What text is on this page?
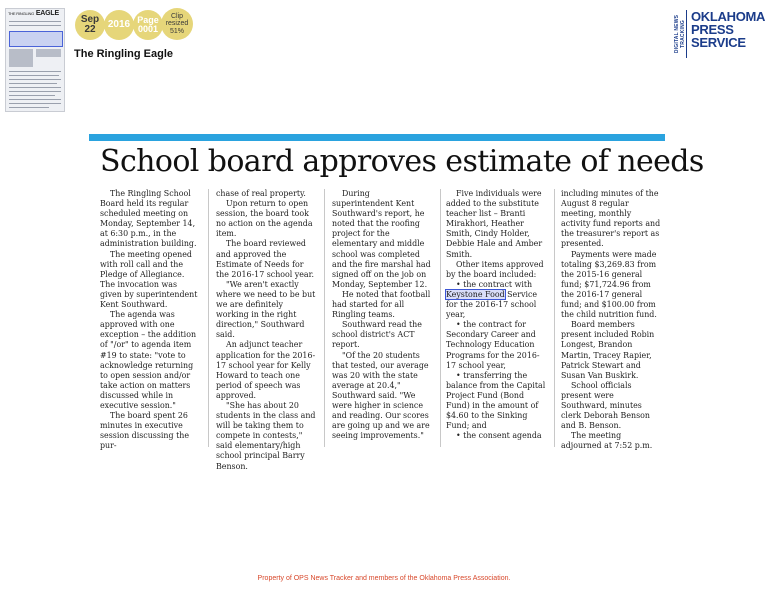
THE RINGLING EAGLE Sep
22 2016 Page
0001
Clip
resized
51%
The Ringling Eagle
DIGITAL NEWS TRACKING
OKLAHOMA
PRESS
SERVICE
School board approves estimate of needs

The Ringling School Board held its regular scheduled meeting on Monday, September 14, at 6:30 p.m., in the administration building.

The meeting opened with roll call and the Pledge of Allegiance. The invocation was given by superintendent Kent Southward.

The agenda was approved with one exception – the addition of "/or" to agenda item #19 to state: "vote to acknowledge returning to open session and/or take action on matters discussed while in executive session."

The board spent 26 minutes in executive session discussing the pur-

chase of real property.

Upon return to open session, the board took no action on the agenda item.

The board reviewed and approved the Estimate of Needs for the 2016-17 school year.

"We aren't exactly where we need to be but we are definitely working in the right direction," Southward said.

An adjunct teacher application for the 2016-17 school year for Kelly Howard to teach one period of speech was approved.

"She has about 20 students in the class and will be taking them to compete in contests," said elementary/high school principal Barry Benson.

During superintendent Kent Southward's report, he noted that the roofing project for the elementary and middle school was completed and the fire marshal had signed off on the job on Monday, September 12.

He noted that football had started for all Ringling teams.

Southward read the school district's ACT report.

"Of the 20 students that tested, our average was 20 with the state average at 20.4," Southward said. "We were higher in science and reading. Our scores are going up and we are seeing improvements."

Five individuals were added to the substitute teacher list – Branti Mirakhori, Heather Smith, Cindy Holder, Debbie Hale and Amber Smith.

Other items approved by the board included:

• the contract with Keystone Food Service for the 2016-17 school year,

• the contract for Secondary Career and Technology Education Programs for the 2016-17 school year,

• transferring the balance from the Capital Project Fund (Bond Fund) in the amount of $4.60 to the Sinking Fund; and

• the consent agenda

including minutes of the August 8 regular meeting, monthly activity fund reports and the treasurer's report as presented.

Payments were made totaling $3,269.83 from the 2015-16 general fund; $71,724.96 from the 2016-17 general fund; and $100.00 from the child nutrition fund.

Board members present included Robin Longest, Brandon Martin, Tracey Rapier, Patrick Stewart and Susan Van Buskirk.

School officials present were Southward, minutes clerk Deborah Benson and B. Benson.

The meeting adjourned at 7:52 p.m.

Property of OPS News Tracker and members of the Oklahoma Press Association.
